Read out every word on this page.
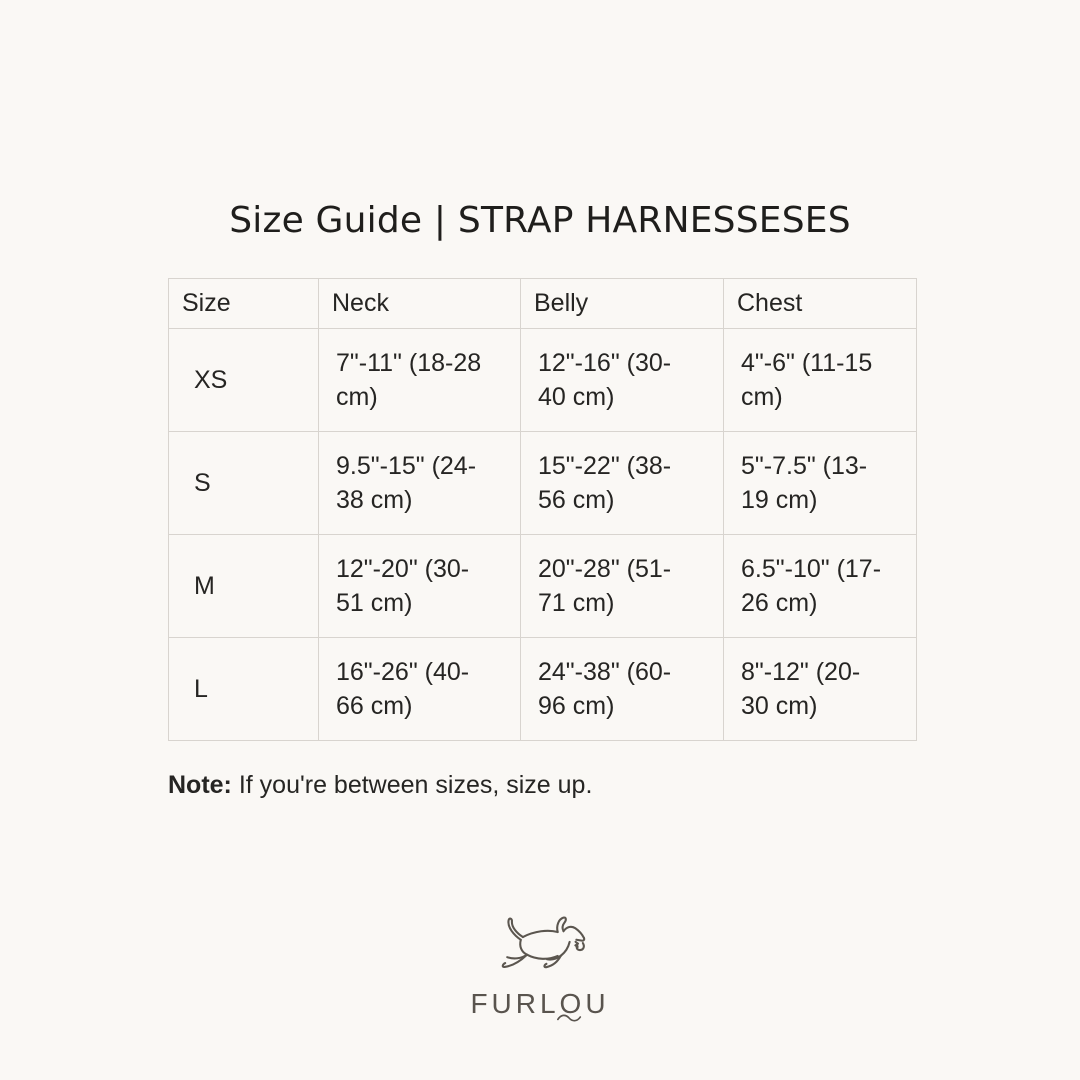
Size Guide | STRAP HARNESSESES
Size	Neck	Belly	Chest
XS	7"-11" (18-28 cm)	12"-16" (30-40 cm)	4"-6" (11-15 cm)

S	9.5"-15" (24-38 cm)	15"-22" (38-56 cm)	5"-7.5" (13-19 cm)

M	12"-20" (30-51 cm)	20"-28" (51-71 cm)	6.5"-10" (17-26 cm)

L	16"-26" (40-66 cm)	24"-38" (60-96 cm)	8"-12" (20-30 cm)

Note: If you're between sizes, size up.

FURLOU
